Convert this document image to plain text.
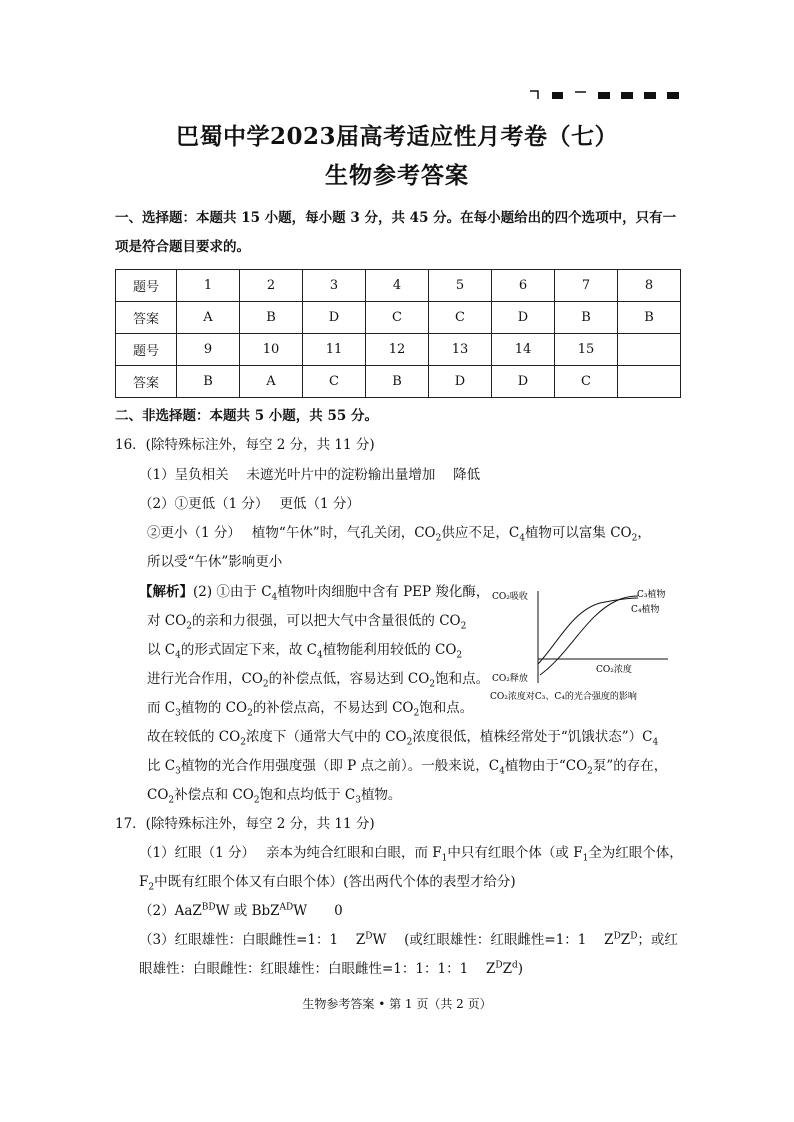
巴蜀中学2023届高考适应性月考卷（七）
生物参考答案
一、选择题：本题共 15 小题，每小题 3 分，共 45 分。在每小题给出的四个选项中，只有一
项是符合题目要求的。
题号	1	2	3	4	5	6	7	8
答案	A	B	D	C	C	D	B	B
题号	9	10	11	12	13	14	15	
答案	B	A	C	B	D	D	C	
二、非选择题：本题共 5 小题，共 55 分。
16．(除特殊标注外，每空 2 分，共 11 分)
（1）呈负相关　 未遮光叶片中的淀粉输出量增加　 降低
（2）①更低（1 分）　 更低（1 分）
②更小（1 分）　 植物“午休”时，气孔关闭，$CO_2$供应不足，$C_4$植物可以富集 $CO_2$，
所以受“午休”影响更小
【解析】(2) ①由于 $C_4$植物叶肉细胞中含有 PEP 羧化酶，
对 $CO_2$的亲和力很强，可以把大气中含量很低的 $CO_2$
以 $C_4$的形式固定下来，故 $C_4$植物能利用较低的 $CO_2$
进行光合作用，$CO_2$的补偿点低，容易达到 $CO_2$饱和点。
而 $C_3$植物的 $CO_2$的补偿点高，不易达到 $CO_2$饱和点。
故在较低的 $CO_2$浓度下（通常大气中的 $CO_2$浓度很低，植株经常处于“饥饿状态$”)C_4$
比 $C_3$植物的光合作用强度强（即 P 点之前）。一般来说，$C_4$植物由于“$CO_2$泵”的存在，
$CO_2$补偿点和 $CO_2$饱和点均低于 $C_3$植物。
CO₂吸收
CO₂释放
CO₂浓度
C₃植物
C₄植物
CO₂浓度对C₃、C₄的光合强度的影响
17．(除特殊标注外，每空 2 分，共 11 分)
（1）红眼（1 分）　 亲本为纯合红眼和白眼，而 $F_1$中只有红眼个体（或 $F_1$全为红眼个体，
$F_2$中既有红眼个体又有白眼个体）(答出两代个体的表型才给分)
（2）AaZ$^{BD}$W 或 BbZ$^{AD}$W　　0
（3）红眼雄性：白眼雌性=1：1　 $Z^DW$　 (或红眼雄性：红眼雌性=1：1　 $Z^DZ^D$；或红
眼雄性：白眼雌性：红眼雄性：白眼雌性=1：1：1：1　 $Z^DZ^d$)
生物参考答案 • 第 1 页（共 2 页）
